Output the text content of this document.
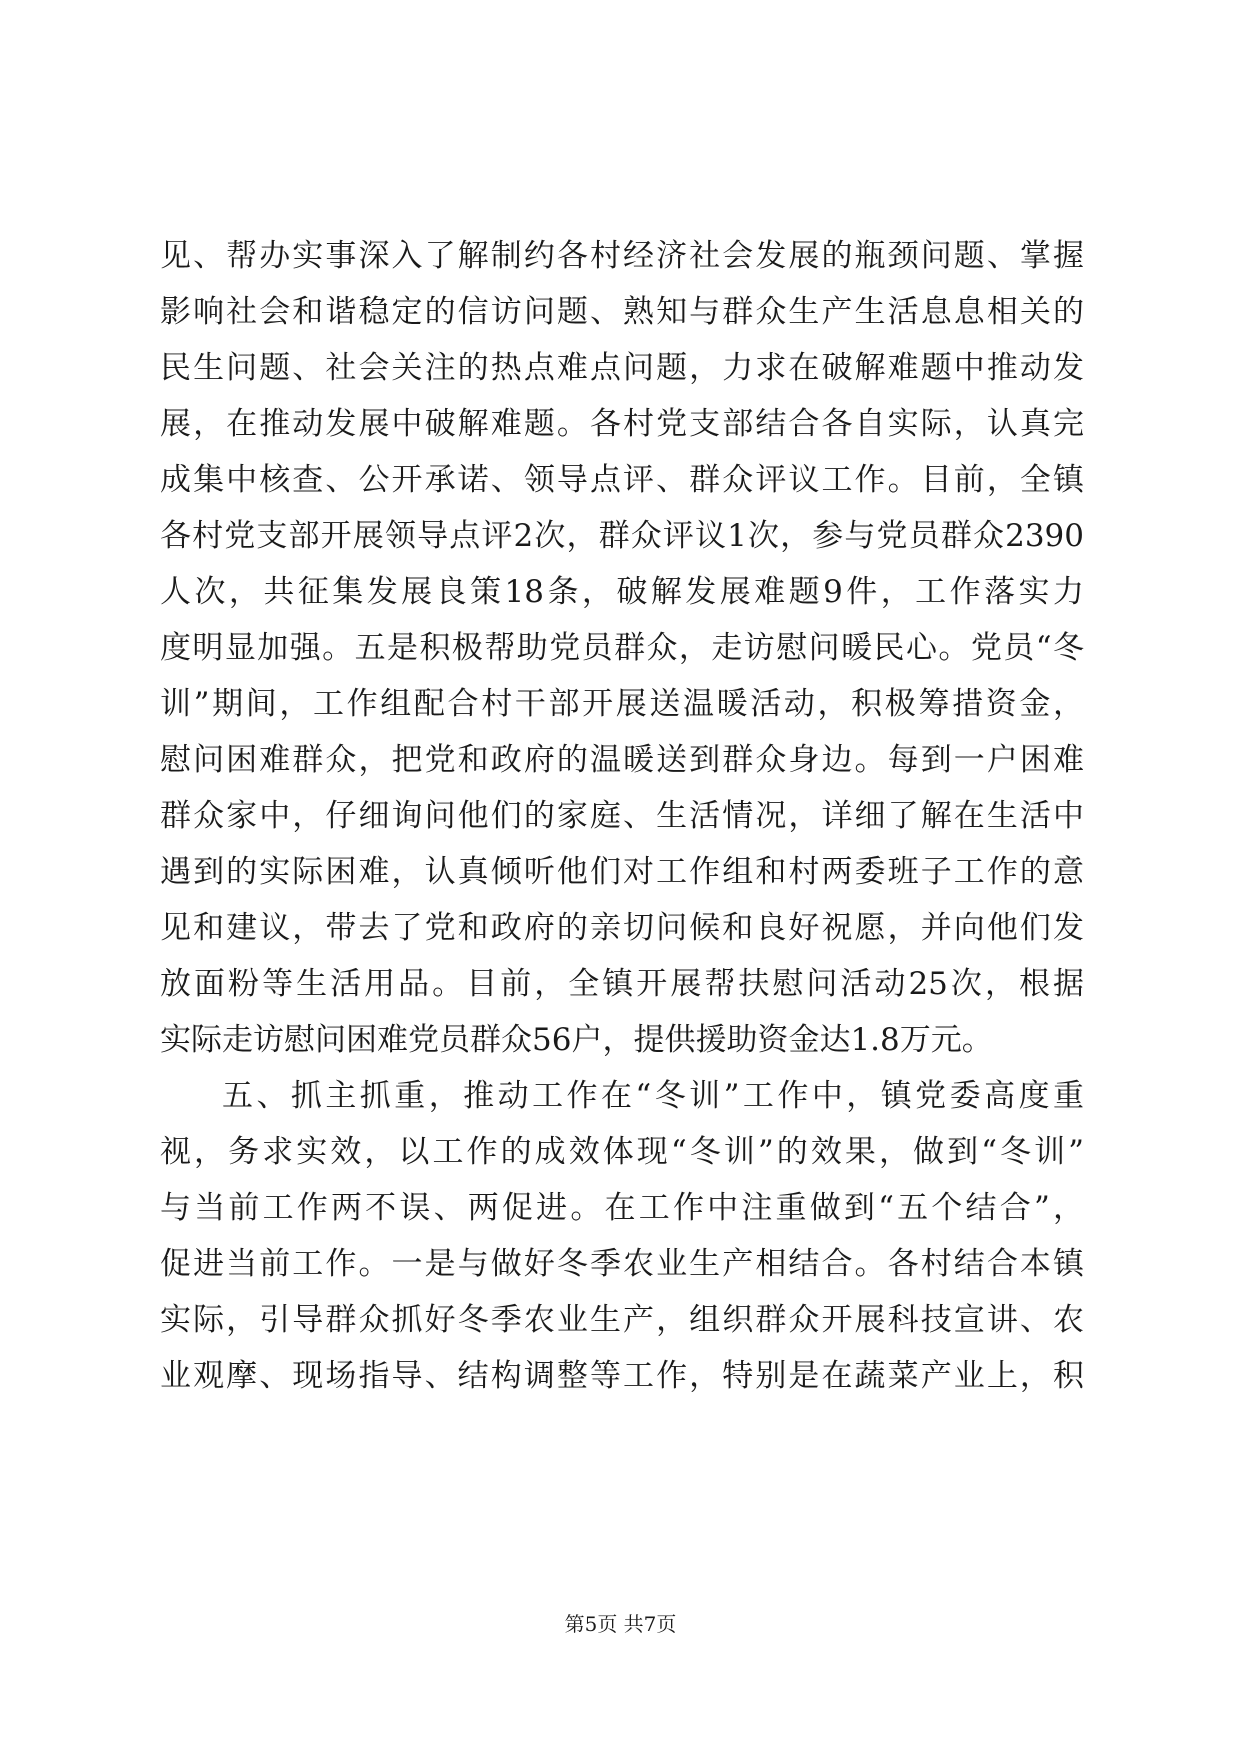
见、帮办实事深入了解制约各村经济社会发展的瓶颈问题、掌握
影响社会和谐稳定的信访问题、熟知与群众生产生活息息相关的
民生问题、社会关注的热点难点问题，力求在破解难题中推动发
展，在推动发展中破解难题。各村党支部结合各自实际，认真完
成集中核查、公开承诺、领导点评、群众评议工作。目前，全镇
各村党支部开展领导点评2次，群众评议1次，参与党员群众2390
人次，共征集发展良策18条，破解发展难题9件，工作落实力
度明显加强。五是积极帮助党员群众，走访慰问暖民心。党员“冬
训”期间，工作组配合村干部开展送温暖活动，积极筹措资金，
慰问困难群众，把党和政府的温暖送到群众身边。每到一户困难
群众家中，仔细询问他们的家庭、生活情况，详细了解在生活中
遇到的实际困难，认真倾听他们对工作组和村两委班子工作的意
见和建议，带去了党和政府的亲切问候和良好祝愿，并向他们发
放面粉等生活用品。目前，全镇开展帮扶慰问活动25次，根据
实际走访慰问困难党员群众56户，提供援助资金达1.8万元。
五、抓主抓重，推动工作在“冬训”工作中，镇党委高度重
视，务求实效，以工作的成效体现“冬训”的效果，做到“冬训”
与当前工作两不误、两促进。在工作中注重做到“五个结合”，
促进当前工作。一是与做好冬季农业生产相结合。各村结合本镇
实际，引导群众抓好冬季农业生产，组织群众开展科技宣讲、农
业观摩、现场指导、结构调整等工作，特别是在蔬菜产业上，积
第5页 共7页
